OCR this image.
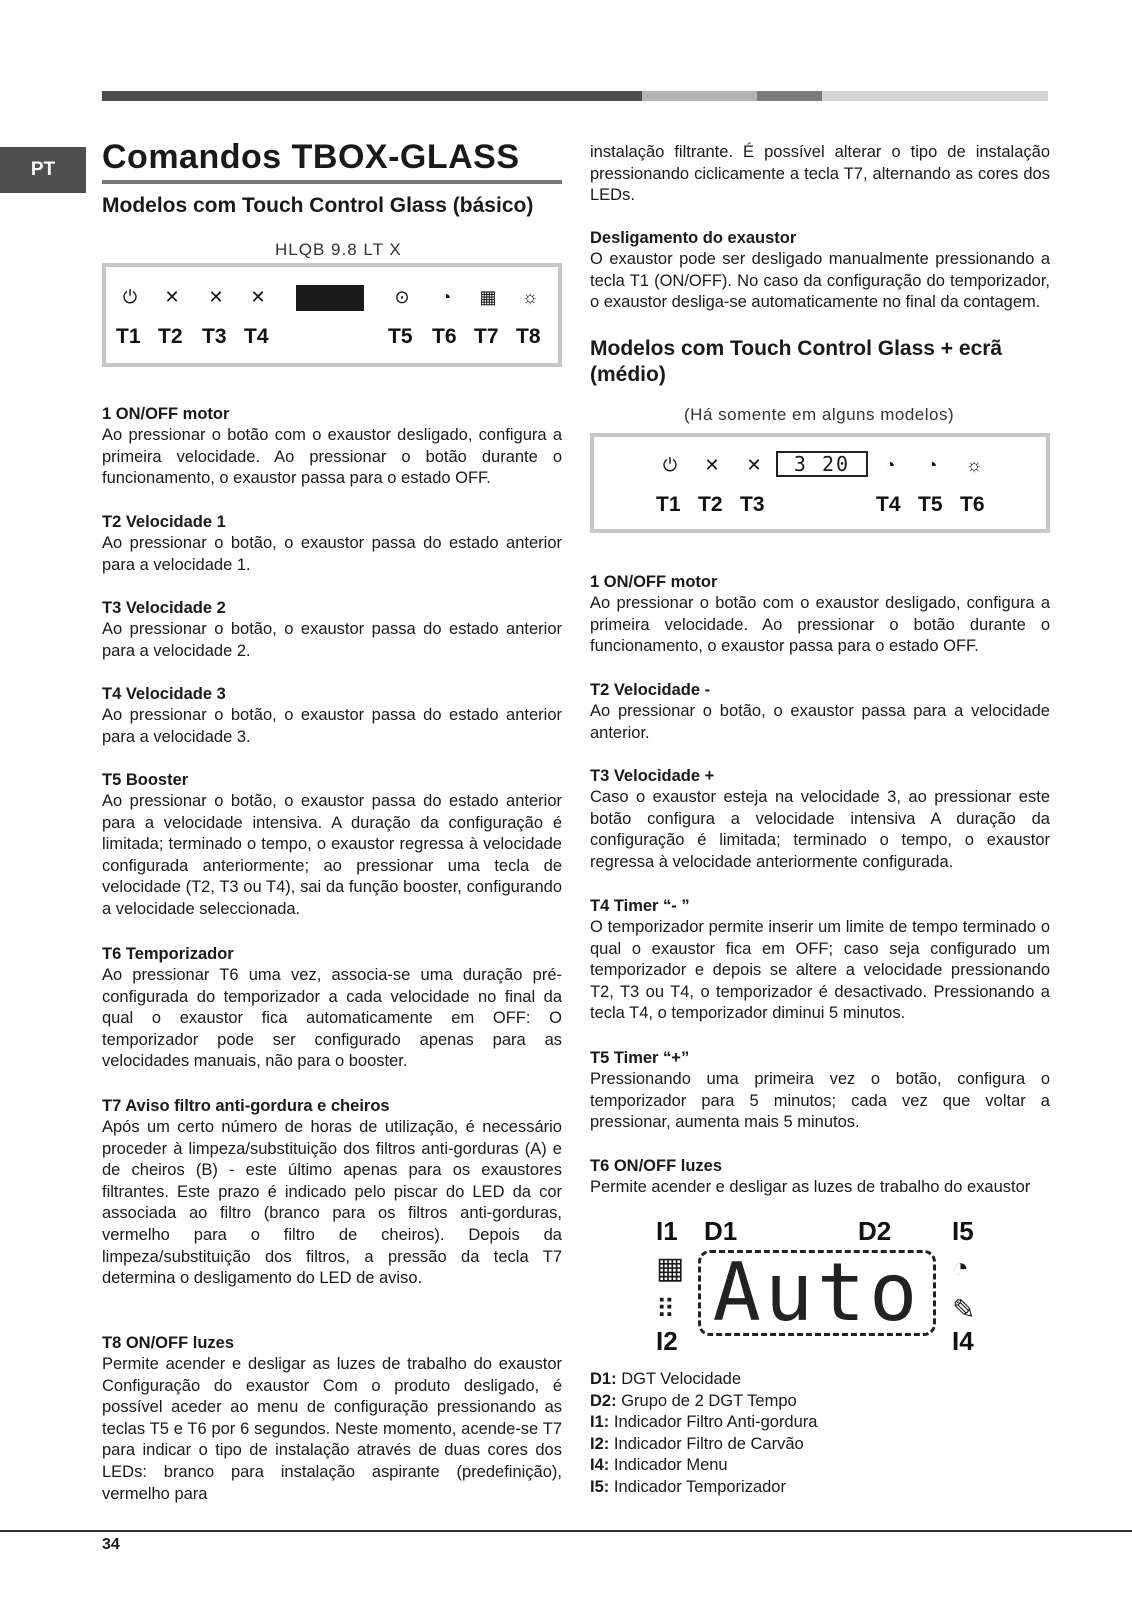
PT	Comandos TBOX-GLASS
Modelos com Touch Control Glass (básico)
HLQB 9.8 LT X
⏻	✕	✕	✕	⊙	◔	▦	☼
T1 T2 T3 T4	T5 T6 T7 T8
1 ON/OFF motor

Ao pressionar o botão com o exaustor desligado, configura a primeira velocidade. Ao pressionar o botão durante o funcionamento, o exaustor passa para o estado OFF.

T2 Velocidade 1

Ao pressionar o botão, o exaustor passa do estado anterior para a velocidade 1.

T3 Velocidade 2

Ao pressionar o botão, o exaustor passa do estado anterior para a velocidade 2.

T4 Velocidade 3

Ao pressionar o botão, o exaustor passa do estado anterior para a velocidade 3.

T5 Booster

Ao pressionar o botão, o exaustor passa do estado anterior para a velocidade intensiva. A duração da configuração é limitada; terminado o tempo, o exaustor regressa à velocidade configurada anteriormente; ao pressionar uma tecla de velocidade (T2, T3 ou T4), sai da função booster, configurando a velocidade seleccionada.

T6 Temporizador

Ao pressionar T6 uma vez, associa-se uma duração pré-configurada do temporizador a cada velocidade no final da qual o exaustor fica automaticamente em OFF: O temporizador pode ser configurado apenas para as velocidades manuais, não para o booster.

T7 Aviso filtro anti-gordura e cheiros

Após um certo número de horas de utilização, é necessário proceder à limpeza/substituição dos filtros anti-gorduras (A) e de cheiros (B) - este último apenas para os exaustores filtrantes. Este prazo é indicado pelo piscar do LED da cor associada ao filtro (branco para os filtros anti-gorduras, vermelho para o filtro de cheiros). Depois da limpeza/substituição dos filtros, a pressão da tecla T7 determina o desligamento do LED de aviso.

T8 ON/OFF luzes

Permite acender e desligar as luzes de trabalho do exaustor Configuração do exaustor Com o produto desligado, é possível aceder ao menu de configuração pressionando as teclas T5 e T6 por 6 segundos. Neste momento, acende-se T7 para indicar o tipo de instalação através de duas cores dos LEDs: branco para instalação aspirante (predefinição), vermelho para

instalação filtrante. É possível alterar o tipo de instalação pressionando ciclicamente a tecla T7, alternando as cores dos LEDs.

Desligamento do exaustor

O exaustor pode ser desligado manualmente pressionando a tecla T1 (ON/OFF). No caso da configuração do temporizador, o exaustor desliga-se automaticamente no final da contagem.

Modelos com Touch Control Glass + ecrã (médio)
(Há somente em alguns modelos)
⏻	✕	✕	3 20	◔	◔	☼
T1 T2 T3	T4 T5 T6
1 ON/OFF motor

Ao pressionar o botão com o exaustor desligado, configura a primeira velocidade. Ao pressionar o botão durante o funcionamento, o exaustor passa para o estado OFF.

T2 Velocidade -

Ao pressionar o botão, o exaustor passa para a velocidade anterior.

T3 Velocidade +

Caso o exaustor esteja na velocidade 3, ao pressionar este botão configura a velocidade intensiva A duração da configuração é limitada; terminado o tempo, o exaustor regressa à velocidade anteriormente configurada.

T4 Timer “- ”

O temporizador permite inserir um limite de tempo terminado o qual o exaustor fica em OFF; caso seja configurado um temporizador e depois se altere a velocidade pressionando T2, T3 ou T4, o temporizador é desactivado. Pressionando a tecla T4, o temporizador diminui 5 minutos.

T5 Timer “+”

Pressionando uma primeira vez o botão, configura o temporizador para 5 minutos; cada vez que voltar a pressionar, aumenta mais 5 minutos.

T6 ON/OFF luzes

Permite acender e desligar as luzes de trabalho do exaustor

I1 D1	D2 I5
I2	I4
▦
⠿
◔
✎
Auto
D1: DGT Velocidade
D2: Grupo de 2 DGT Tempo
I1: Indicador Filtro Anti-gordura
I2: Indicador Filtro de Carvão
I4: Indicador Menu
I5: Indicador Temporizador
34
